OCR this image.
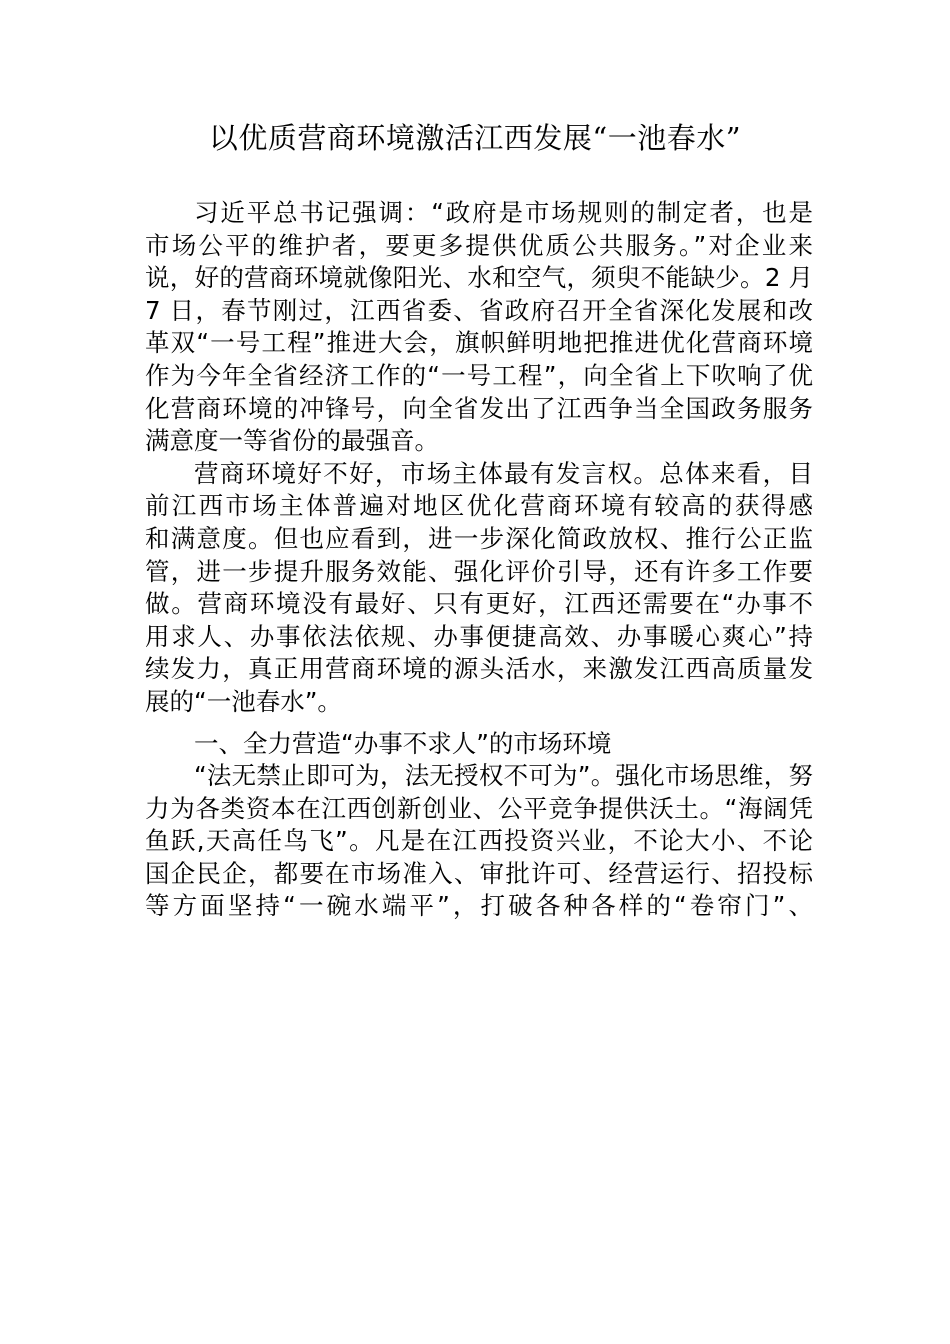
以优质营商环境激活江西发展“一池春水”
习近平总书记强调：“政府是市场规则的制定者，也是
市场公平的维护者，要更多提供优质公共服务。”对企业来
说，好的营商环境就像阳光、水和空气，须臾不能缺少。2 月
7 日，春节刚过，江西省委、省政府召开全省深化发展和改
革双“一号工程”推进大会，旗帜鲜明地把推进优化营商环境
作为今年全省经济工作的“一号工程”，向全省上下吹响了优
化营商环境的冲锋号，向全省发出了江西争当全国政务服务
满意度一等省份的最强音。
营商环境好不好，市场主体最有发言权。总体来看，目
前江西市场主体普遍对地区优化营商环境有较高的获得感
和满意度。但也应看到，进一步深化简政放权、推行公正监
管，进一步提升服务效能、强化评价引导，还有许多工作要
做。营商环境没有最好、只有更好，江西还需要在“办事不
用求人、办事依法依规、办事便捷高效、办事暖心爽心”持
续发力，真正用营商环境的源头活水，来激发江西高质量发
展的“一池春水”。
一、全力营造“办事不求人”的市场环境
“法无禁止即可为，法无授权不可为”。强化市场思维，努
力为各类资本在江西创新创业、公平竞争提供沃土。“海阔凭
鱼跃,天高任鸟飞”。凡是在江西投资兴业，不论大小、不论
国企民企，都要在市场准入、审批许可、经营运行、招投标
等方面坚持“一碗水端平”，打破各种各样的“卷帘门”、
